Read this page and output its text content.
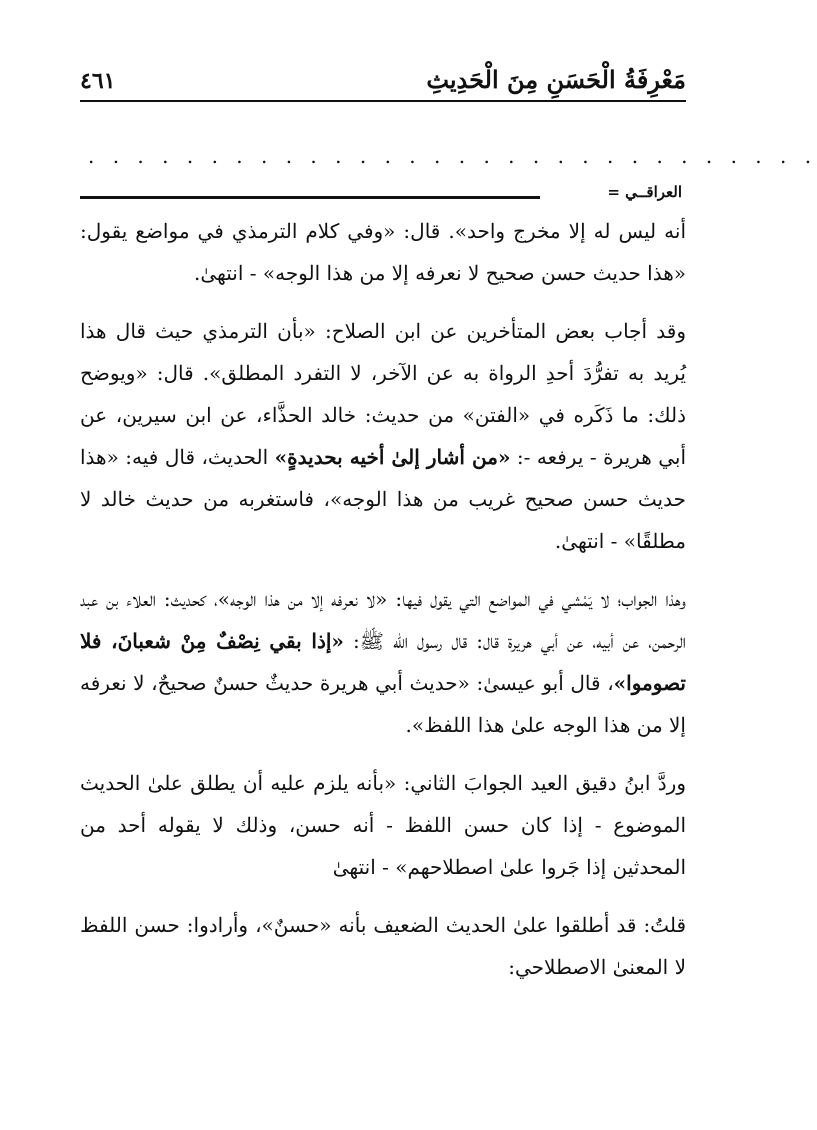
مَعْرِفَةُ الْحَسَنِ مِنَ الْحَدِيثِ
٤٦١
. . . . . . . . . . . . . . . . . . . . . . . . . . . . . .
العراقــي =

أنه ليس له إلا مخرج واحد». قال: «وفي كلام الترمذي في مواضع يقول: «هذا حديث حسن صحيح لا نعرفه إلا من هذا الوجه» - انتهىٰ.

وقد أجاب بعض المتأخرين عن ابن الصلاح: «بأن الترمذي حيث قال هذا يُريد به تفرُّدَ أحدِ الرواة به عن الآخر، لا التفرد المطلق». قال: «ويوضح ذلك: ما ذَكَره في «الفتن» من حديث: خالد الحذَّاء، عن ابن سيرين، عن أبي هريرة - يرفعه -: «من أشار إلىٰ أخيه بحديدةٍ» الحديث، قال فيه: «هذا حديث حسن صحيح غريب من هذا الوجه»، فاستغربه من حديث خالد لا مطلقًا» - انتهىٰ.

وهذا الجواب؛ لا يَمْشي في المواضع التي يقول فيها: «لا نعرفه إلا من هذا الوجه»، كحديث: العلاء بن عبد الرحمن، عن أبيه، عن أبي هريرة قال: قال رسول اللّه ﷺ: «إذا بقي نِصْفٌ مِنْ شعبانَ، فلا تصوموا»، قال أبو عيسىٰ: «حديث أبي هريرة حديثٌ حسنٌ صحيحٌ، لا نعرفه إلا من هذا الوجه علىٰ هذا اللفظ».

وردَّ ابنُ دقيق العيد الجوابَ الثاني: «بأنه يلزم عليه أن يطلق علىٰ الحديث الموضوع - إذا كان حسن اللفظ - أنه حسن، وذلك لا يقوله أحد من المحدثين إذا جَروا علىٰ اصطلاحهم» - انتهىٰ

قلتُ: قد أطلقوا علىٰ الحديث الضعيف بأنه «حسنٌ»، وأرادوا: حسن اللفظ لا المعنىٰ الاصطلاحي:
